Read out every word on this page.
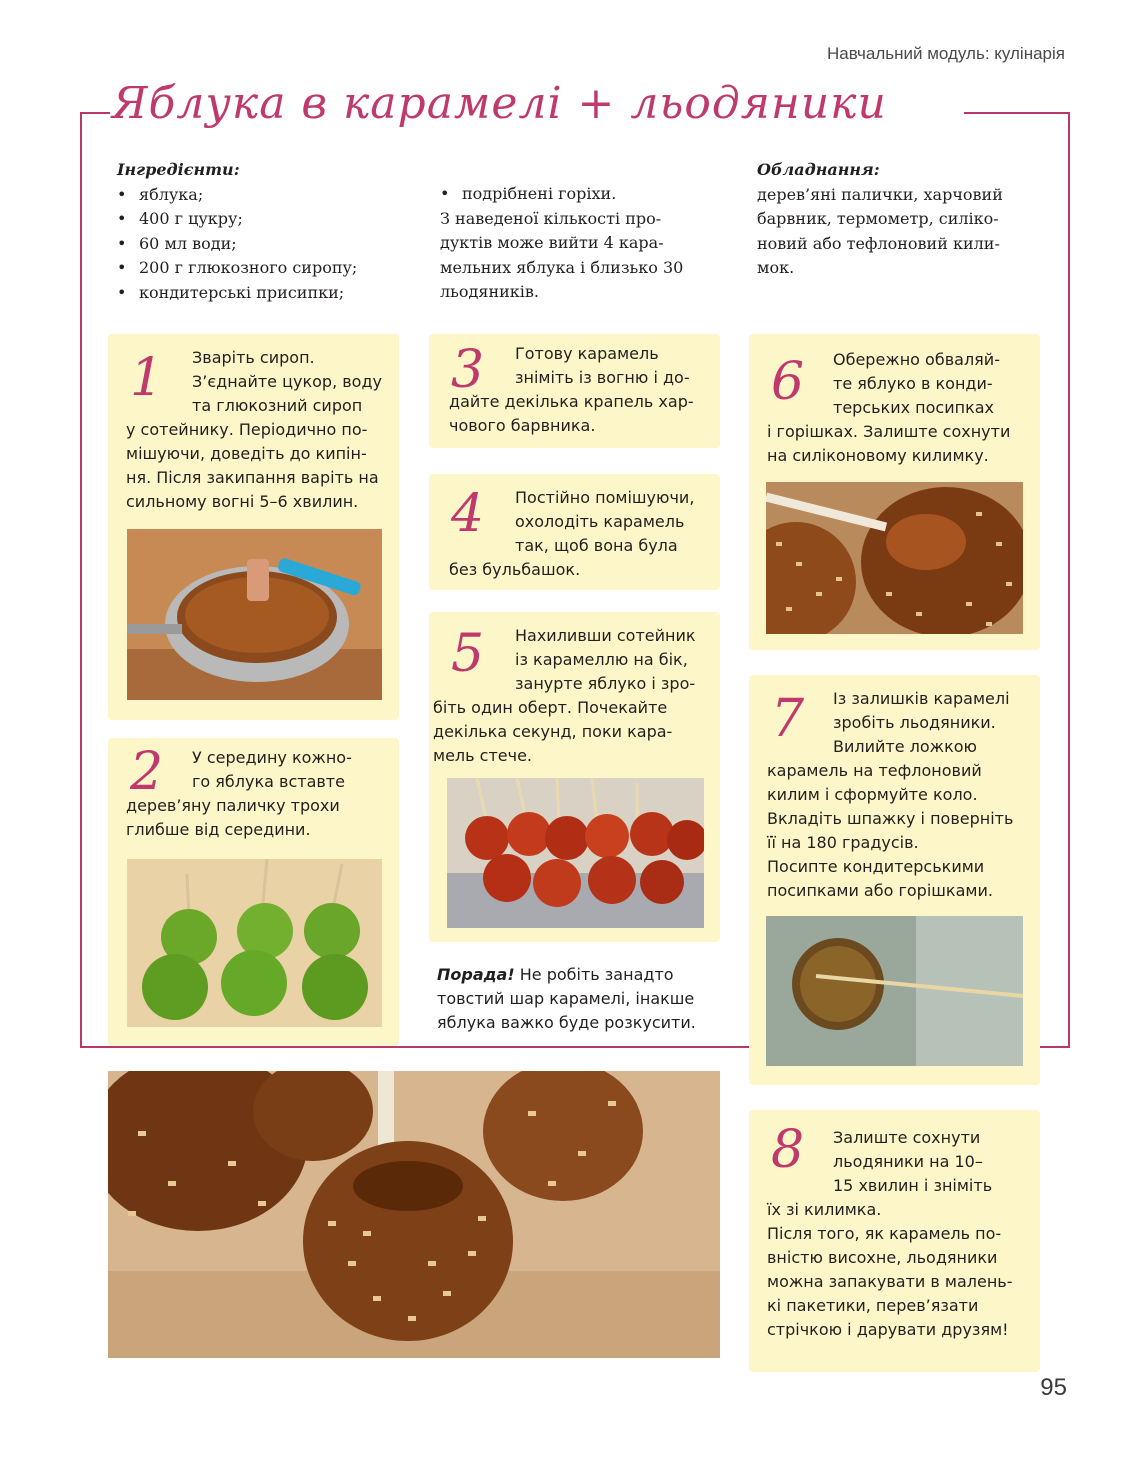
Навчальний модуль: кулінарія
Яблука в карамелі + льодяники
Інгредієнти:
• яблука;
• 400 г цукру;
• 60 мл води;
• 200 г глюкозного сиропу;
• кондитерські присипки;
• подрібнені горіхи.
З наведеної кількості про-
дуктів може вийти 4 кара-
мельних яблука і близько 30
льодяників.
Обладнання:
дерев’яні палички, харчовий
барвник, термометр, силіко-
новий або тефлоновий кили-
мок.
1 Зваріть сироп.
З’єднайте цукор, воду
та глюкозний сироп
у сотейнику. Періодично по-
мішуючи, доведіть до кипін-
ня. Після закипання варіть на
сильному вогні 5–6 хвилин.
2 У середину кожно-
го яблука вставте
дерев’яну паличку трохи
глибше від середини.
3 Готову карамель
зніміть із вогню і до-
дайте декілька крапель хар-
чового барвника.
4 Постійно помішуючи,
охолодіть карамель
так, щоб вона була
без бульбашок.
5 Нахиливши сотейник
із карамеллю на бік,
занурте яблуко і зро-
біть один оберт. Почекайте
декілька секунд, поки кара-
мель стече.
Порада! Не робіть занадто
товстий шар карамелі, інакше
яблука важко буде розкусити.
6 Обережно обваляй-
те яблуко в конди-
терських посипках
і горішках. Залиште сохнути
на силіконовому килимку.
7 Із залишків карамелі
зробіть льодяники.
Вилийте ложкою
карамель на тефлоновий
килим і сформуйте коло.
Вкладіть шпажку і поверніть
її на 180 градусів.
Посипте кондитерськими
посипками або горішками.
8 Залиште сохнути
льодяники на 10–
15 хвилин і зніміть
їх зі килимка.
Після того, як карамель по-
вністю висохне, льодяники
можна запакувати в малень-
кі пакетики, перев’язати
стрічкою і дарувати друзям!
95
